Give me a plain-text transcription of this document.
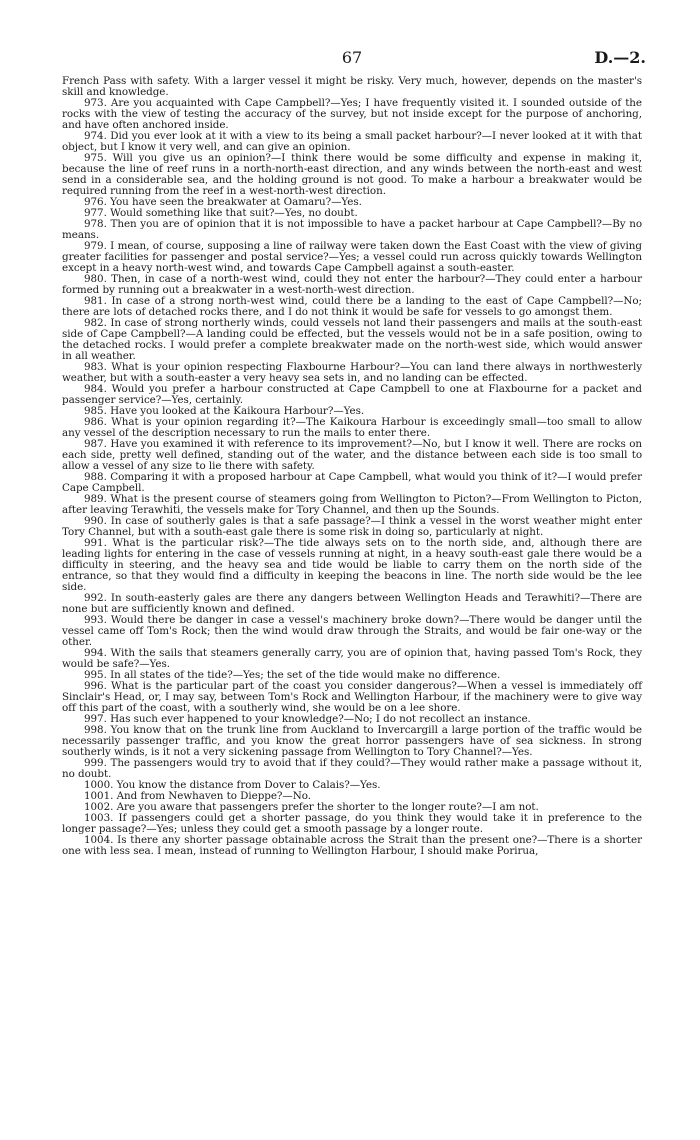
67	D.—2.

French Pass with safety. With a larger vessel it might be risky. Very much, however, depends on the master's skill and knowledge.

973. Are you acquainted with Cape Campbell?—Yes; I have frequently visited it. I sounded outside of the rocks with the view of testing the accuracy of the survey, but not inside except for the purpose of anchoring, and have often anchored inside.

974. Did you ever look at it with a view to its being a small packet harbour?—I never looked at it with that object, but I know it very well, and can give an opinion.

975. Will you give us an opinion?—I think there would be some difficulty and expense in making it, because the line of reef runs in a north-north-east direction, and any winds between the north-east and west send in a considerable sea, and the holding ground is not good. To make a harbour a breakwater would be required running from the reef in a west-north-west direction.

976. You have seen the breakwater at Oamaru?—Yes.

977. Would something like that suit?—Yes, no doubt.

978. Then you are of opinion that it is not impossible to have a packet harbour at Cape Campbell?—By no means.

979. I mean, of course, supposing a line of railway were taken down the East Coast with the view of giving greater facilities for passenger and postal service?—Yes; a vessel could run across quickly towards Wellington except in a heavy north-west wind, and towards Cape Campbell against a south-easter.

980. Then, in case of a north-west wind, could they not enter the harbour?—They could enter a harbour formed by running out a breakwater in a west-north-west direction.

981. In case of a strong north-west wind, could there be a landing to the east of Cape Campbell?—No; there are lots of detached rocks there, and I do not think it would be safe for vessels to go amongst them.

982. In case of strong northerly winds, could vessels not land their passengers and mails at the south-east side of Cape Campbell?—A landing could be effected, but the vessels would not be in a safe position, owing to the detached rocks. I would prefer a complete breakwater made on the north-west side, which would answer in all weather.

983. What is your opinion respecting Flaxbourne Harbour?—You can land there always in northwesterly weather, but with a south-easter a very heavy sea sets in, and no landing can be effected.

984. Would you prefer a harbour constructed at Cape Campbell to one at Flaxbourne for a packet and passenger service?—Yes, certainly.

985. Have you looked at the Kaikoura Harbour?—Yes.

986. What is your opinion regarding it?—The Kaikoura Harbour is exceedingly small—too small to allow any vessel of the description necessary to run the mails to enter there.

987. Have you examined it with reference to its improvement?—No, but I know it well. There are rocks on each side, pretty well defined, standing out of the water, and the distance between each side is too small to allow a vessel of any size to lie there with safety.

988. Comparing it with a proposed harbour at Cape Campbell, what would you think of it?—I would prefer Cape Campbell.

989. What is the present course of steamers going from Wellington to Picton?—From Wellington to Picton, after leaving Terawhiti, the vessels make for Tory Channel, and then up the Sounds.

990. In case of southerly gales is that a safe passage?—I think a vessel in the worst weather might enter Tory Channel, but with a south-east gale there is some risk in doing so, particularly at night.

991. What is the particular risk?—The tide always sets on to the north side, and, although there are leading lights for entering in the case of vessels running at night, in a heavy south-east gale there would be a difficulty in steering, and the heavy sea and tide would be liable to carry them on the north side of the entrance, so that they would find a difficulty in keeping the beacons in line. The north side would be the lee side.

992. In south-easterly gales are there any dangers between Wellington Heads and Terawhiti?—There are none but are sufficiently known and defined.

993. Would there be danger in case a vessel's machinery broke down?—There would be danger until the vessel came off Tom's Rock; then the wind would draw through the Straits, and would be fair one-way or the other.

994. With the sails that steamers generally carry, you are of opinion that, having passed Tom's Rock, they would be safe?—Yes.

995. In all states of the tide?—Yes; the set of the tide would make no difference.

996. What is the particular part of the coast you consider dangerous?—When a vessel is immediately off Sinclair's Head, or, I may say, between Tom's Rock and Wellington Harbour, if the machinery were to give way off this part of the coast, with a southerly wind, she would be on a lee shore.

997. Has such ever happened to your knowledge?—No; I do not recollect an instance.

998. You know that on the trunk line from Auckland to Invercargill a large portion of the traffic would be necessarily passenger traffic, and you know the great horror passengers have of sea sickness. In strong southerly winds, is it not a very sickening passage from Wellington to Tory Channel?—Yes.

999. The passengers would try to avoid that if they could?—They would rather make a passage without it, no doubt.

1000. You know the distance from Dover to Calais?—Yes.

1001. And from Newhaven to Dieppe?—No.

1002. Are you aware that passengers prefer the shorter to the longer route?—I am not.

1003. If passengers could get a shorter passage, do you think they would take it in preference to the longer passage?—Yes; unless they could get a smooth passage by a longer route.

1004. Is there any shorter passage obtainable across the Strait than the present one?—There is a shorter one with less sea. I mean, instead of running to Wellington Harbour, I should make Porirua,
